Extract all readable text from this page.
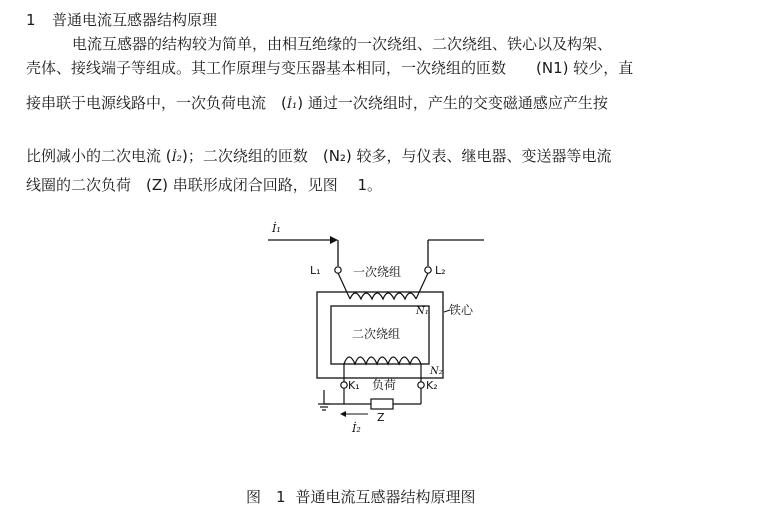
1 普通电流互感器结构原理
电流互感器的结构较为简单，由相互绝缘的一次绕组、二次绕组、铁心以及构架、
壳体、接线端子等组成。其工作原理与变压器基本相同，一次绕组的匝数　　(N1) 较少，直
接串联于电源线路中，一次负荷电流　(İ₁) 通过一次绕组时，产生的交变磁通感应产生按
比例减小的二次电流 (İ₂)；二次绕组的匝数　(N₂) 较多，与仪表、继电器、变送器等电流
线圈的二次负荷　(Z) 串联形成闭合回路，见图　 1。
İ₁
L₁	L₂
一次绕组
N₁ 铁心
二次绕组
N₂
K₁ 负荷	K₂
Z
İ₂
图　1 普通电流互感器结构原理图
